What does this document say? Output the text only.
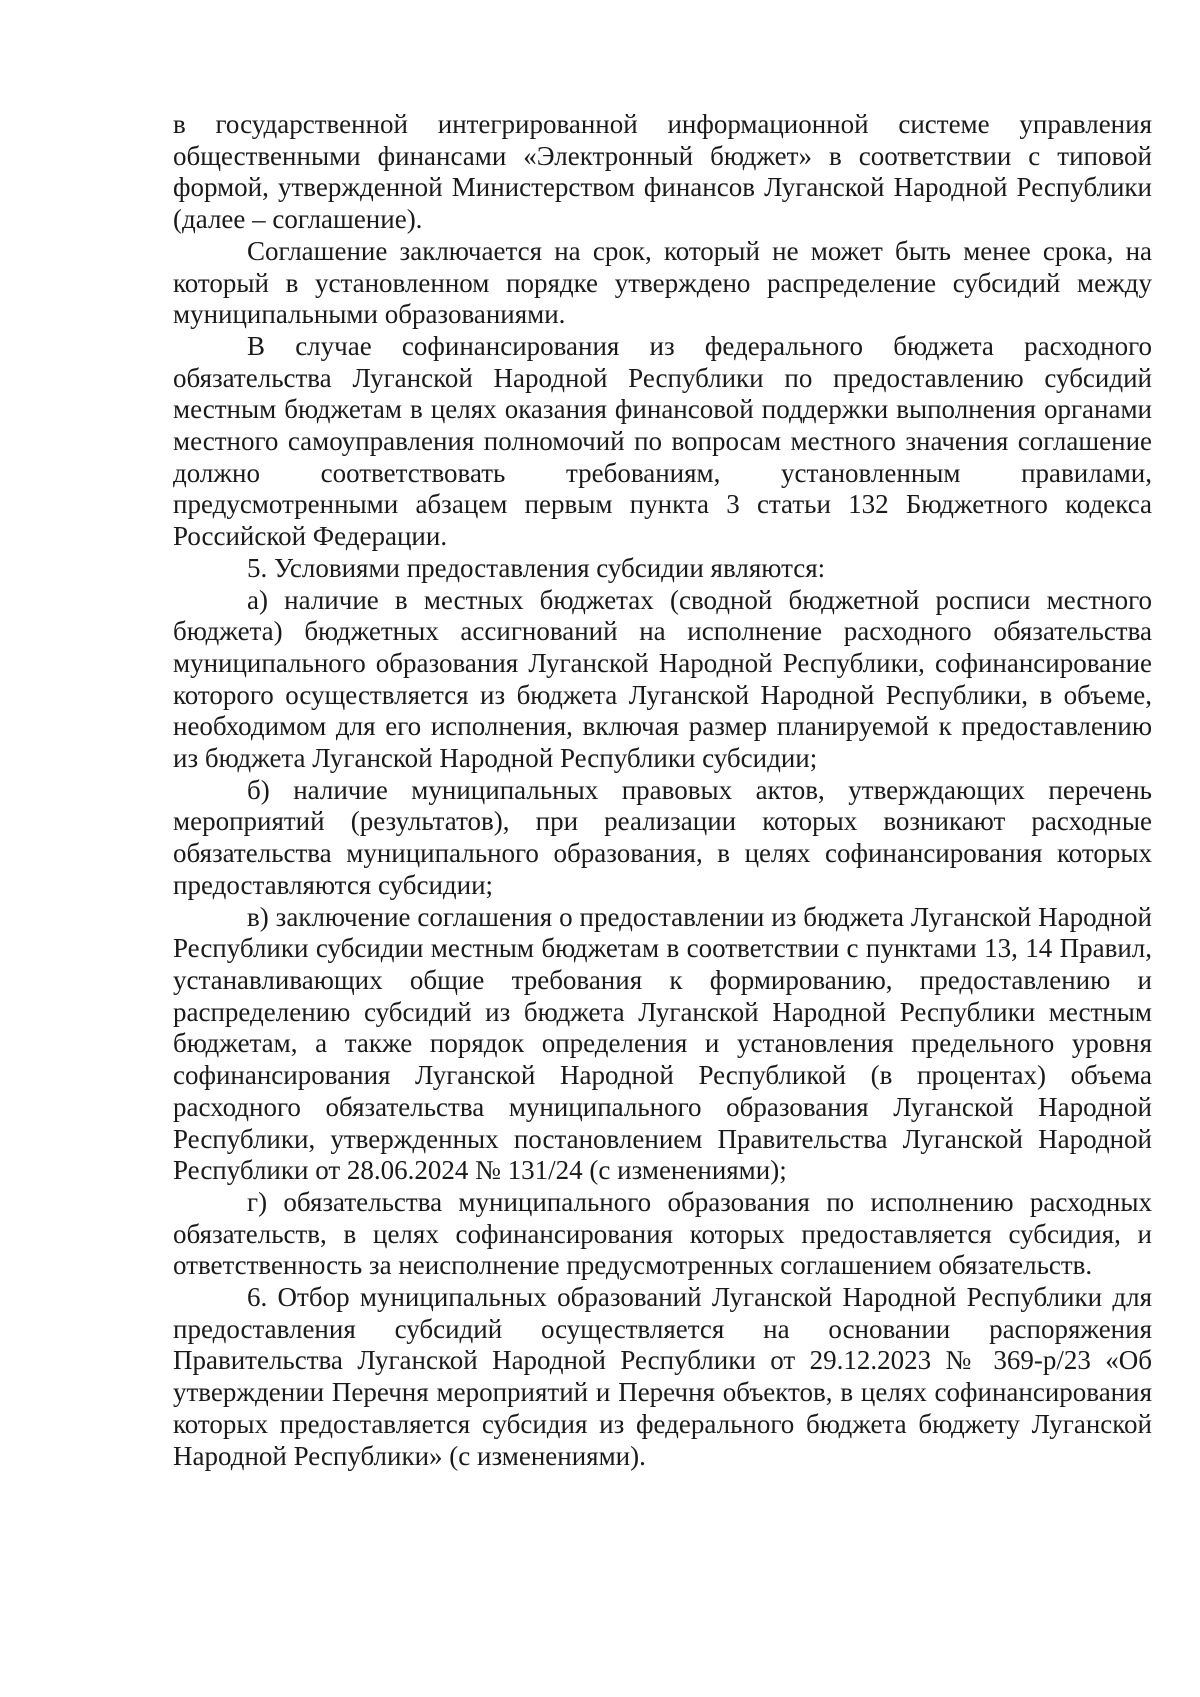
в государственной интегрированной информационной системе управления общественными финансами «Электронный бюджет» в соответствии с типовой формой, утвержденной Министерством финансов Луганской Народной Республики (далее – соглашение).

Соглашение заключается на срок, который не может быть менее срока, на который в установленном порядке утверждено распределение субсидий между муниципальными образованиями.

В случае софинансирования из федерального бюджета расходного обязательства Луганской Народной Республики по предоставлению субсидий местным бюджетам в целях оказания финансовой поддержки выполнения органами местного самоуправления полномочий по вопросам местного значения соглашение должно соответствовать требованиям, установленным правилами, предусмотренными абзацем первым пункта 3 статьи 132 Бюджетного кодекса Российской Федерации.

5. Условиями предоставления субсидии являются:

а) наличие в местных бюджетах (сводной бюджетной росписи местного бюджета) бюджетных ассигнований на исполнение расходного обязательства муниципального образования Луганской Народной Республики, софинансирование которого осуществляется из бюджета Луганской Народной Республики, в объеме, необходимом для его исполнения, включая размер планируемой к предоставлению из бюджета Луганской Народной Республики субсидии;

б) наличие муниципальных правовых актов, утверждающих перечень мероприятий (результатов), при реализации которых возникают расходные обязательства муниципального образования, в целях софинансирования которых предоставляются субсидии;

в) заключение соглашения о предоставлении из бюджета Луганской Народной Республики субсидии местным бюджетам в соответствии с пунктами 13, 14 Правил, устанавливающих общие требования к формированию, предоставлению и распределению субсидий из бюджета Луганской Народной Республики местным бюджетам, а также порядок определения и установления предельного уровня софинансирования Луганской Народной Республикой (в процентах) объема расходного обязательства муниципального образования Луганской Народной Республики, утвержденных постановлением Правительства Луганской Народной Республики от 28.06.2024 № 131/24 (с изменениями);

г) обязательства муниципального образования по исполнению расходных обязательств, в целях софинансирования которых предоставляется субсидия, и ответственность за неисполнение предусмотренных соглашением обязательств.

6. Отбор муниципальных образований Луганской Народной Республики для предоставления субсидий осуществляется на основании распоряжения Правительства Луганской Народной Республики от 29.12.2023 № 369-р/23 «Об утверждении Перечня мероприятий и Перечня объектов, в целях софинансирования которых предоставляется субсидия из федерального бюджета бюджету Луганской Народной Республики» (с изменениями).
